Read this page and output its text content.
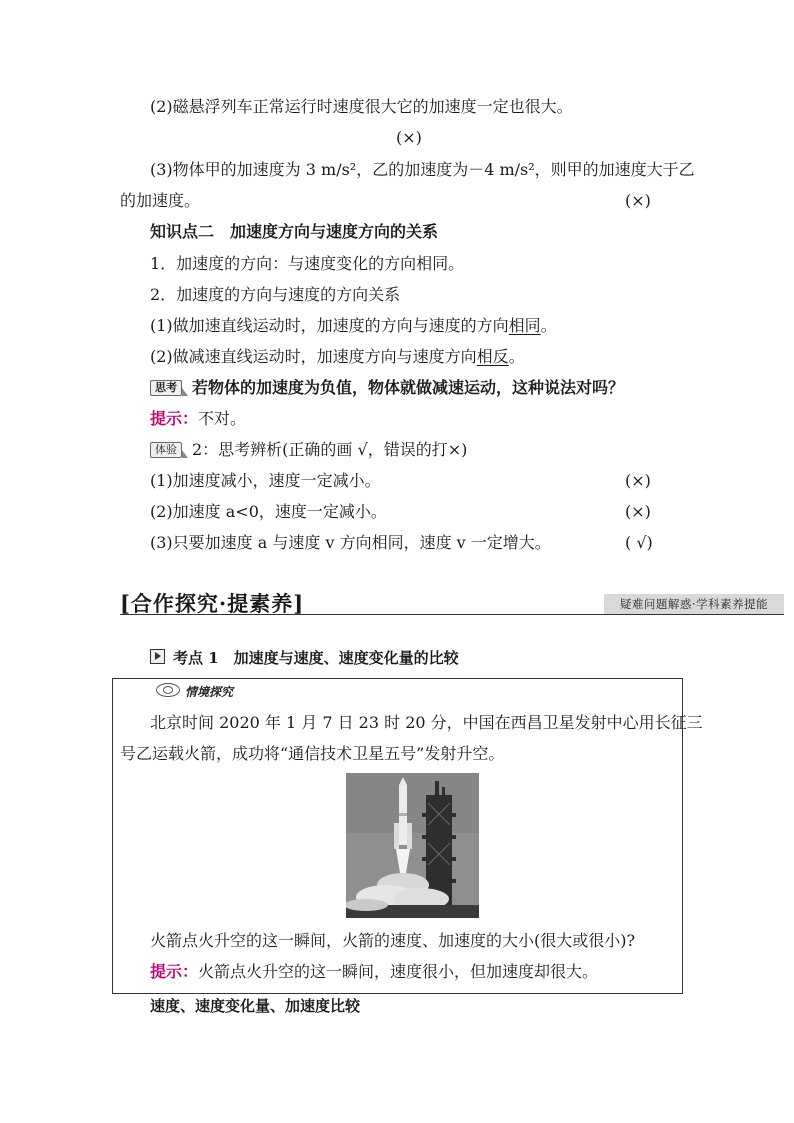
(2)磁悬浮列车正常运行时速度很大它的加速度一定也很大。
(×)
(3)物体甲的加速度为 3 m/s²，乙的加速度为－4 m/s²，则甲的加速度大于乙
的加速度。	(×)
知识点二　加速度方向与速度方向的关系
1．加速度的方向：与速度变化的方向相同。
2．加速度的方向与速度的方向关系
(1)做加速直线运动时，加速度的方向与速度的方向相同。
(2)做减速直线运动时，加速度方向与速度方向相反。
思考 若物体的加速度为负值，物体就做减速运动，这种说法对吗？
提示：不对。
体验 2：思考辨析(正确的画 √，错误的打×)
(1)加速度减小，速度一定减小。	(×)
(2)加速度 a<0，速度一定减小。	(×)
(3)只要加速度 a 与速度 v 方向相同，速度 v 一定增大。	( √)
[合作探究·提素养]	疑难问题解惑·学科素养提能
考点 1　加速度与速度、速度变化量的比较
情境探究
北京时间 2020 年 1 月 7 日 23 时 20 分，中国在西昌卫星发射中心用长征三
号乙运载火箭，成功将“通信技术卫星五号”发射升空。
火箭点火升空的这一瞬间，火箭的速度、加速度的大小(很大或很小)?
提示：火箭点火升空的这一瞬间，速度很小，但加速度却很大。
速度、速度变化量、加速度比较
